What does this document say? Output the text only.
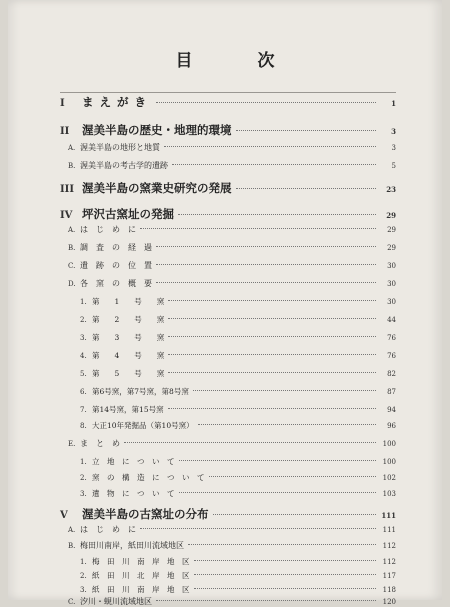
目　次
I	まえがき	1
II	渥美半島の歴史・地理的環境	3
A. 渥美半島の地形と地質	3
B. 渥美半島の考古学的遺跡	5
III 渥美半島の窯業史研究の発展	23
IV 坪沢古窯址の発掘	29
A. は　じ　め　に	29
B. 調　査　の　経　過	29
C. 遺　跡　の　位　置	30
D. 各　窯　の　概　要	30
1. 第　　1　　号　　窯	30
2. 第　　2　　号　　窯	44
3. 第　　3　　号　　窯	76
4. 第　　4　　号　　窯	76
5. 第　　5　　号　　窯	82
6. 第6号窯，第7号窯，第8号窯	87
7. 第14号窯，第15号窯	94
8. 大正10年発掘品（第10号窯）	96
E. ま　と　め	100
1. 立　地　に　つ　い　て	100
2. 窯　の　構　造　に　つ　い　て	102
3. 遺　物　に　つ　い　て	103
V	渥美半島の古窯址の分布	111
A. は　じ　め　に	111
B. 梅田川南岸，紙田川流域地区	112
1. 梅　田　川　南　岸　地　区	112
2. 紙　田　川　北　岸　地　区	117
3. 紙　田　川　南　岸　地　区	118
C. 汐川・蜆川流域地区	120
